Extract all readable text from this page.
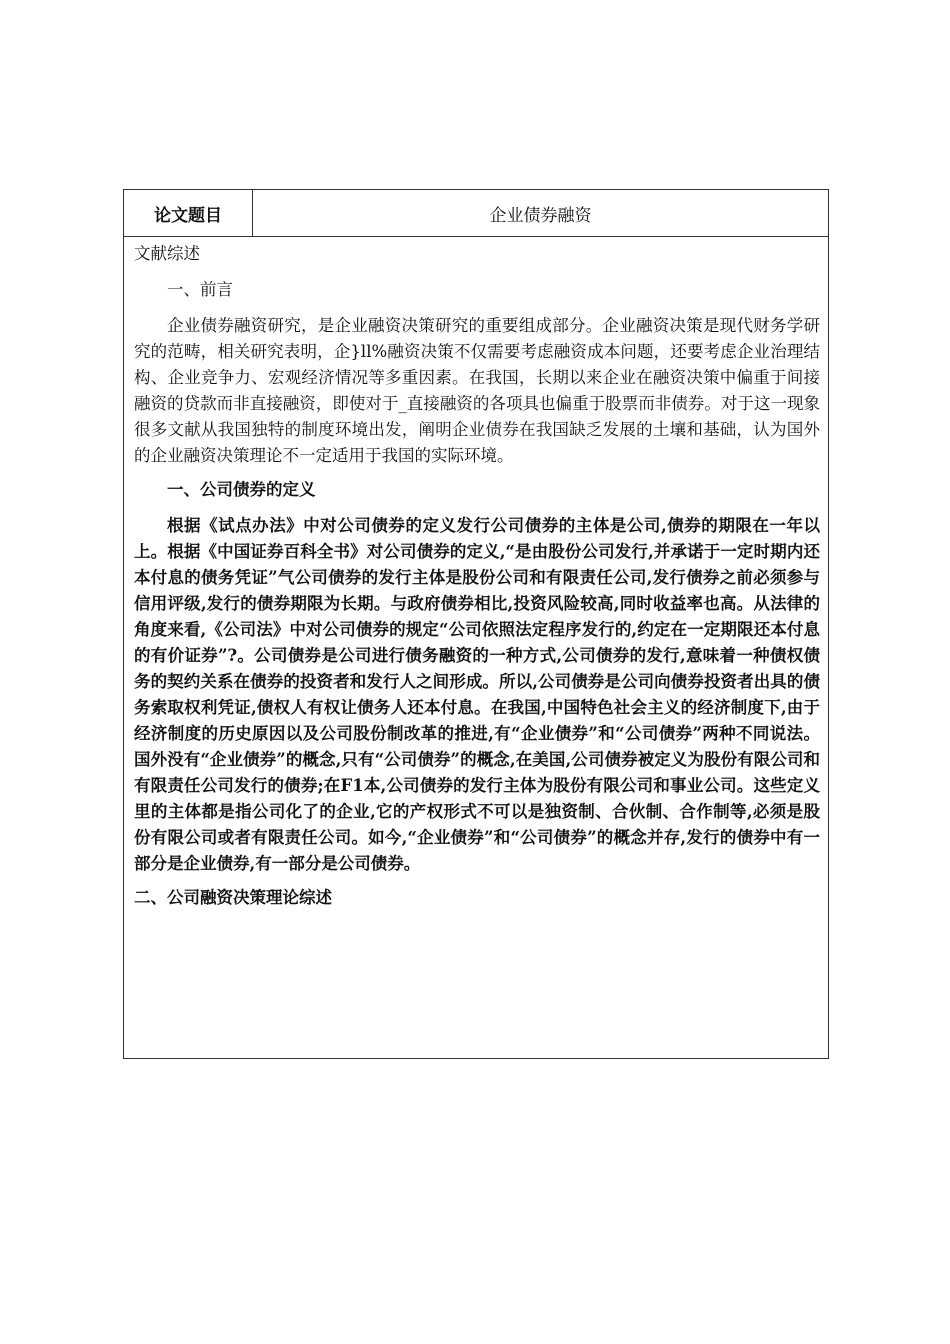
论文题目	企业债券融资
文献综述
一、前言
企业债券融资研究，是企业融资决策研究的重要组成部分。企业融资决策是现代财务学研究的范畴，相关研究表明，企}ll%融资决策不仅需要考虑融资成本问题，还要考虑企业治理结构、企业竞争力、宏观经济情况等多重因素。在我国，长期以来企业在融资决策中偏重于间接融资的贷款而非直接融资，即使对于_直接融资的各项具也偏重于股票而非债券。对于这一现象很多文献从我国独特的制度环境出发，阐明企业债券在我国缺乏发展的土壤和基础，认为国外的企业融资决策理论不一定适用于我国的实际环境。
一、公司债券的定义
根据《试点办法》中对公司债券的定义发行公司债券的主体是公司,债券的期限在一年以上。根据《中国证券百科全书》对公司债券的定义,“是由股份公司发行,并承诺于一定时期内还本付息的债务凭证”气公司债券的发行主体是股份公司和有限责任公司,发行债券之前必须参与信用评级,发行的债券期限为长期。与政府债券相比,投资风险较高,同时收益率也高。从法律的角度来看,《公司法》中对公司债券的规定“公司依照法定程序发行的,约定在一定期限还本付息的有价证券”?。公司债券是公司进行债务融资的一种方式,公司债券的发行,意味着一种债权债务的契约关系在债券的投资者和发行人之间形成。所以,公司债券是公司向债券投资者出具的债务索取权利凭证,债权人有权让债务人还本付息。在我国,中国特色社会主义的经济制度下,由于经济制度的历史原因以及公司股份制改革的推进,有“企业债券”和“公司债券”两种不同说法。国外没有“企业债券”的概念,只有“公司债券”的概念,在美国,公司债券被定义为股份有限公司和有限责任公司发行的债券;在F1本,公司债券的发行主体为股份有限公司和事业公司。这些定义里的主体都是指公司化了的企业,它的产权形式不可以是独资制、合伙制、合作制等,必须是股份有限公司或者有限责任公司。如今,“企业债券”和“公司债券”的概念并存,发行的债券中有一部分是企业债券,有一部分是公司债券。
二、公司融资决策理论综述
